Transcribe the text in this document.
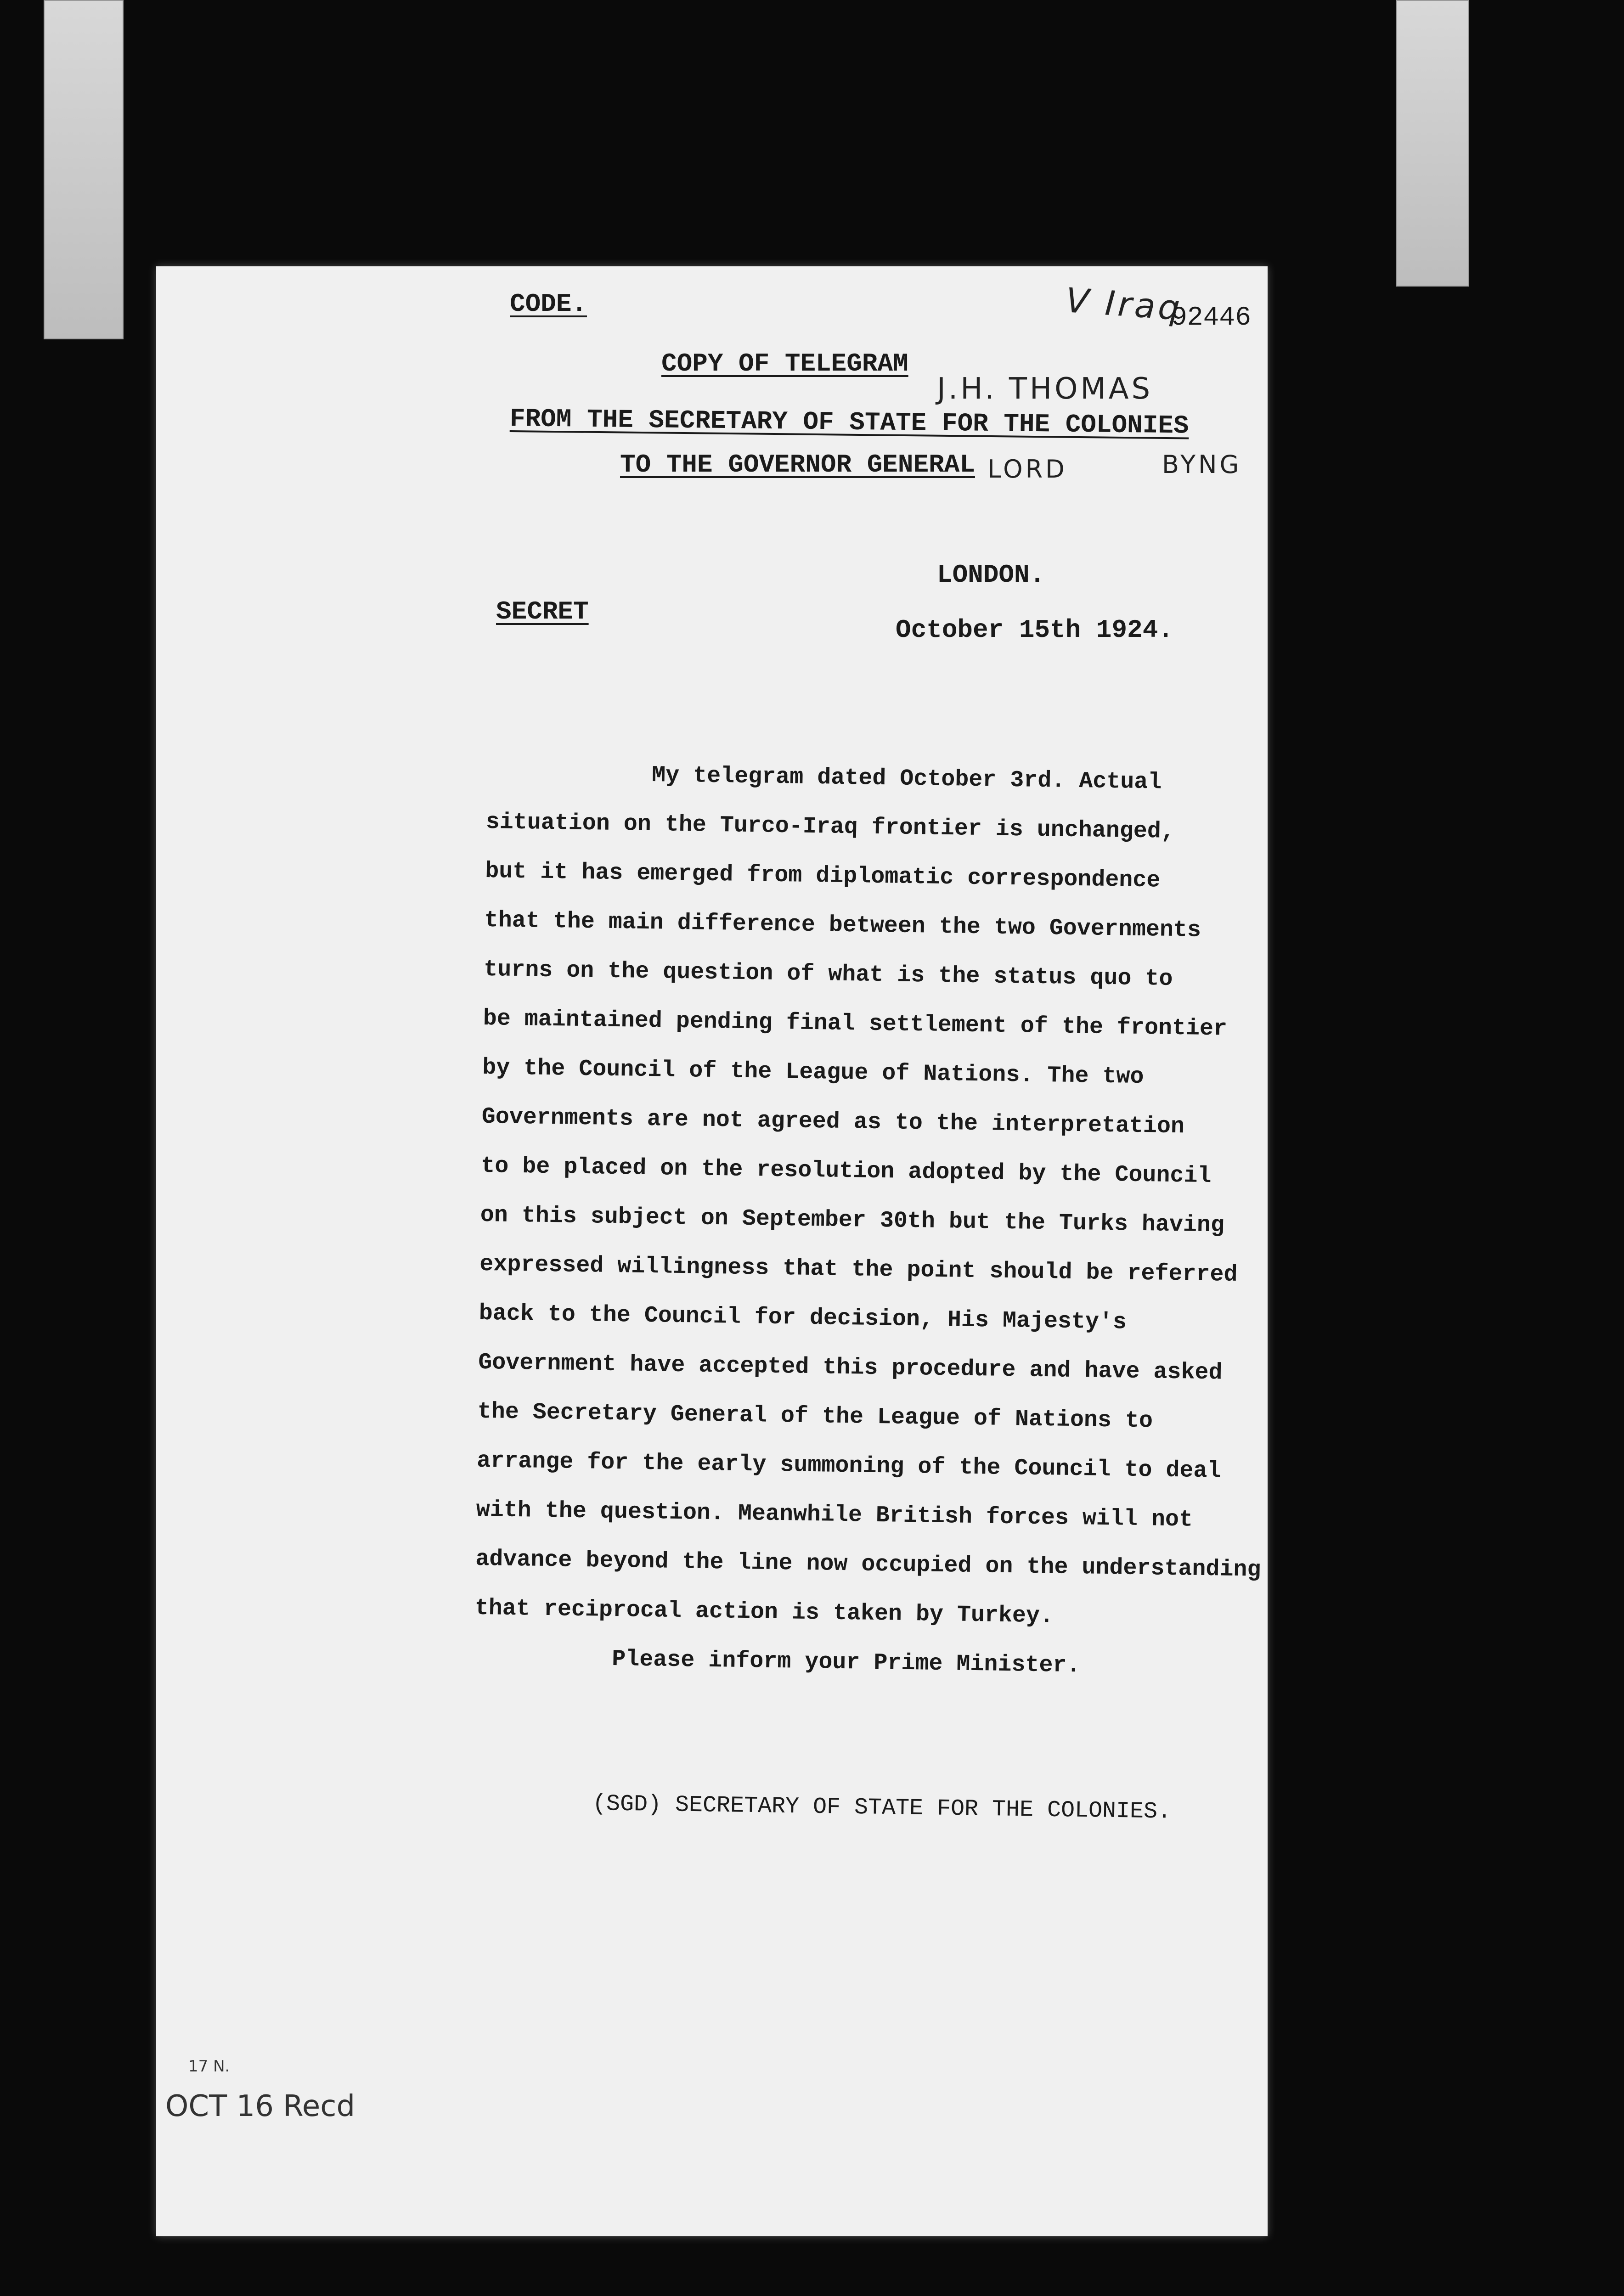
CODE.	V Iraq
92446
COPY OF TELEGRAM
J.H. THOMAS
FROM THE SECRETARY OF STATE FOR THE COLONIES
TO THE GOVERNOR GENERAL LORD	BYNG
LONDON.
SECRET
October 15th 1924.
My telegram dated October 3rd. Actual
situation on the Turco-Iraq frontier is unchanged,
but it has emerged from diplomatic correspondence
that the main difference between the two Governments
turns on the question of what is the status quo to
be maintained pending final settlement of the frontier
by the Council of the League of Nations. The two
Governments are not agreed as to the interpretation
to be placed on the resolution adopted by the Council
on this subject on September 30th but the Turks having
expressed willingness that the point should be referred
back to the Council for decision, His Majesty's
Government have accepted this procedure and have asked
the Secretary General of the League of Nations to
arrange for the early summoning of the Council to deal
with the question. Meanwhile British forces will not
advance beyond the line now occupied on the understanding
that reciprocal action is taken by Turkey.
Please inform your Prime Minister.
(SGD) SECRETARY OF STATE FOR THE COLONIES.
17 N.
OCT 16 Recd
